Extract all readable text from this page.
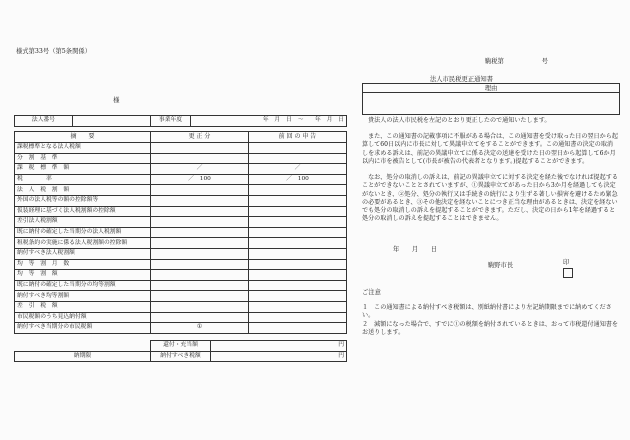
様式第33号（第5条関係）
様
駒税第　　　　　　号
法人市民税更正通知書
理由
法人番号		事業年度	年　月　日　～　　年　月　日
摘　　要	更 正 分	前 回 の 申 告
課税標準となる法人税額		
分　割　基　準		
課　税　標　準　額	／	／
税　　　　率	／　100	／　100
法　人　税　割　額		
外国の法人税等の額の控除額等		
仮装経理に基づく法人税割額の控除額		
差引法人税割額		
既に納付の確定した当期分の法人税割額		
租税条約の実施に係る法人税割額の控除額		
納付すべき法人税割額		
均　等　割　月　数		
均　等　割　額		
既に納付の確定した当期分の均等割額		
納付すべき均等割額		
差　引　税　額		
市民税額のうち見込納付額		
納付すべき当期分の市民税額	①	
	還付・充当額	円
納期限	納付すべき税額	円
　貴法人の法人市民税を左記のとおり更正したので通知いたします。
　また、この通知書の記載事項に不服がある場合は、この通知書を受け取った日の翌日から起算して60日以内に市長に対して異議申立てをすることができます。この通知書の決定の取消しを求める訴えは、前記の異議申立てに係る決定の送達を受けた日の翌日から起算して6か月以内に市を被告として(市長が被告の代表者となります。)提起することができます。
　なお、処分の取消しの訴えは、前記の異議申立てに対する決定を経た後でなければ提起することができないこととされていますが、①異議申立てがあった日から3か月を経過しても決定がないとき、②処分、処分の執行又は手続きの続行により生ずる著しい損害を避けるため緊急の必要があるとき、③その他決定を経ないことにつき正当な理由があるときは、決定を経ないでも処分の取消しの訴えを提起することができます。ただし、決定の日から1年を経過すると処分の取消しの訴えを提起することはできません。
年　　月　　日
駒野市長	印
ご注意
１　この通知書による納付すべき税額は、別紙納付書により左記納期限までに納めてください。
２　減額になった場合で、すでに①の税額を納付されているときは、おって市税還付通知書をお送りします。
